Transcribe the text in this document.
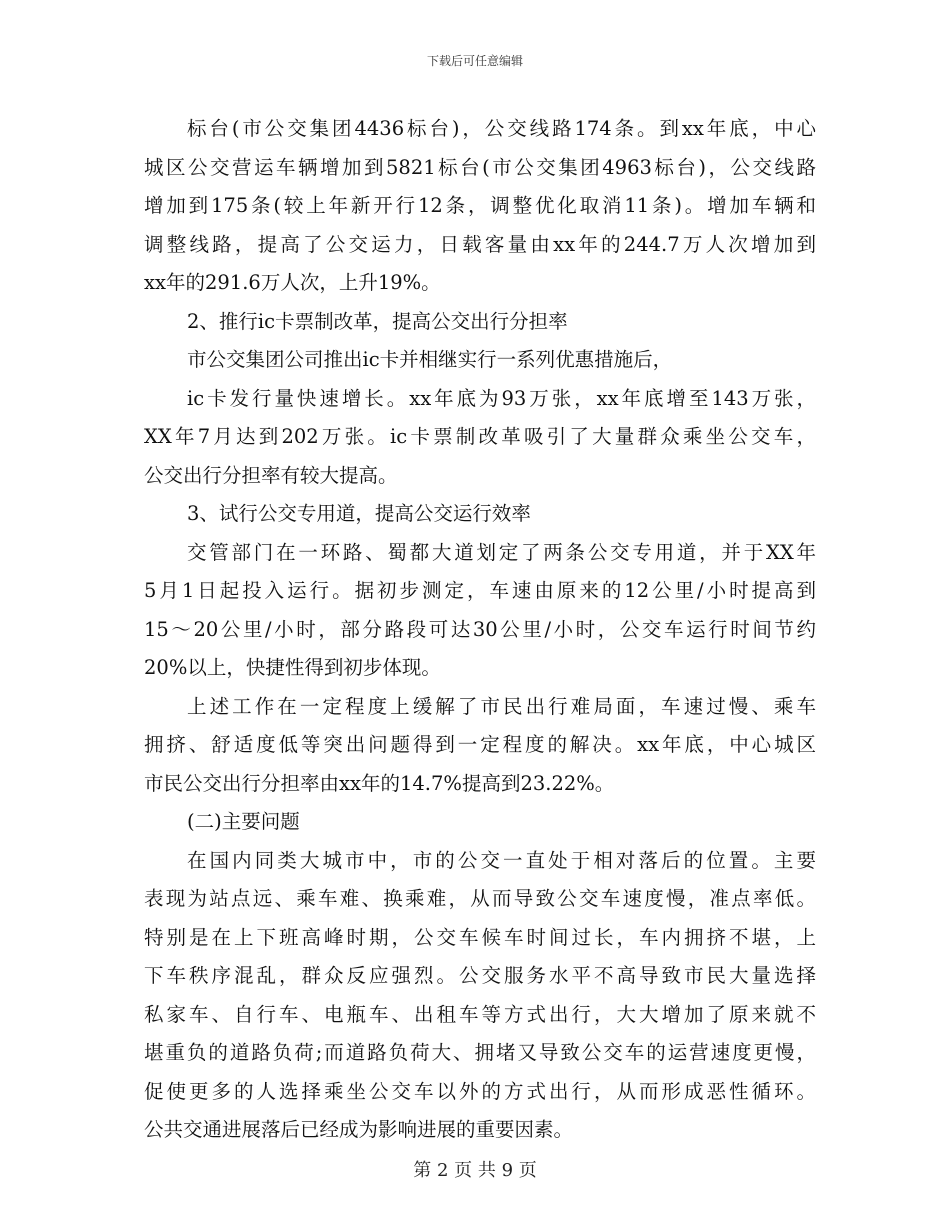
下载后可任意编辑
标台(市公交集团4436标台)，公交线路174条。到xx年底，中心
城区公交营运车辆增加到5821标台(市公交集团4963标台)，公交线路
增加到175条(较上年新开行12条，调整优化取消11条)。增加车辆和
调整线路，提高了公交运力，日载客量由xx年的244.7万人次增加到
xx年的291.6万人次，上升19%。
2、推行ic卡票制改革，提高公交出行分担率
市公交集团公司推出ic卡并相继实行一系列优惠措施后，
ic卡发行量快速增长。xx年底为93万张，xx年底增至143万张，
XX年7月达到202万张。ic卡票制改革吸引了大量群众乘坐公交车，
公交出行分担率有较大提高。
3、试行公交专用道，提高公交运行效率
交管部门在一环路、蜀都大道划定了两条公交专用道，并于XX年
5月1日起投入运行。据初步测定，车速由原来的12公里/小时提高到
15～20公里/小时，部分路段可达30公里/小时，公交车运行时间节约
20%以上，快捷性得到初步体现。
上述工作在一定程度上缓解了市民出行难局面，车速过慢、乘车
拥挤、舒适度低等突出问题得到一定程度的解决。xx年底，中心城区
市民公交出行分担率由xx年的14.7%提高到23.22%。
(二)主要问题
在国内同类大城市中，市的公交一直处于相对落后的位置。主要
表现为站点远、乘车难、换乘难，从而导致公交车速度慢，准点率低。
特别是在上下班高峰时期，公交车候车时间过长，车内拥挤不堪，上
下车秩序混乱，群众反应强烈。公交服务水平不高导致市民大量选择
私家车、自行车、电瓶车、出租车等方式出行，大大增加了原来就不
堪重负的道路负荷;而道路负荷大、拥堵又导致公交车的运营速度更慢，
促使更多的人选择乘坐公交车以外的方式出行，从而形成恶性循环。
公共交通进展落后已经成为影响进展的重要因素。
第 2 页 共 9 页
